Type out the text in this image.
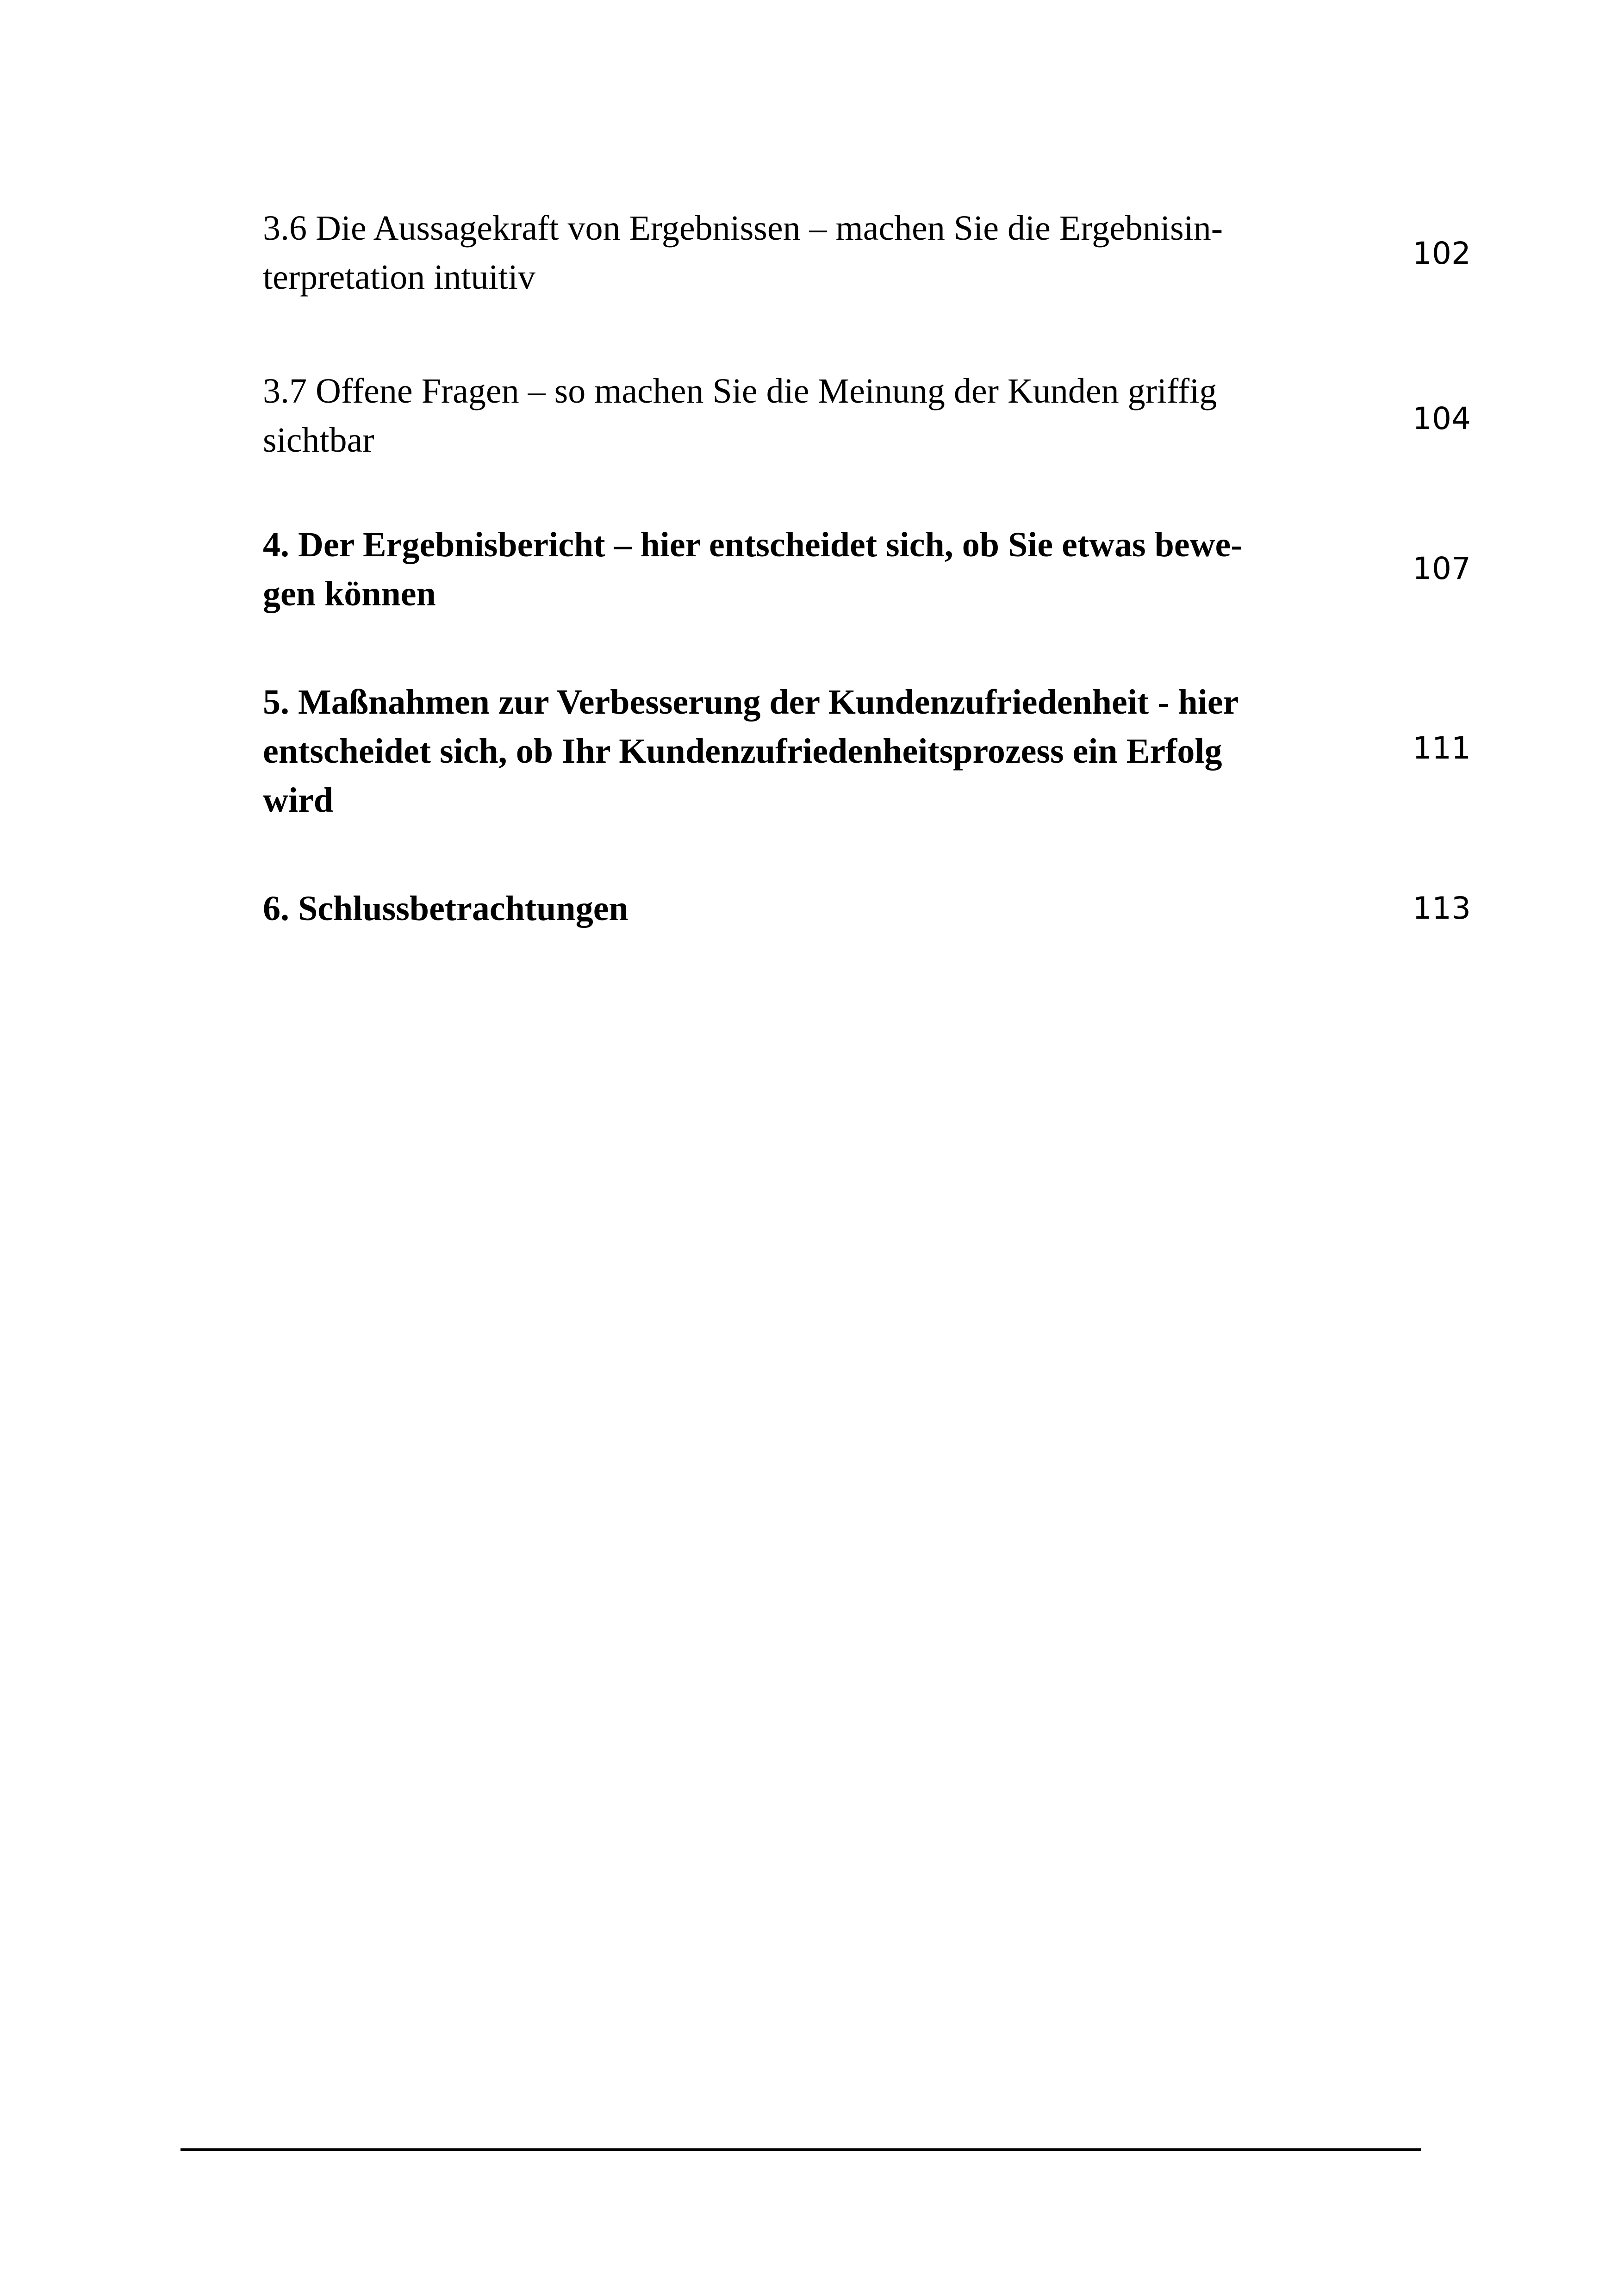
3.6 Die Aussagekraft von Ergebnissen – machen Sie die Ergebnisin-
terpretation intuitiv
102
3.7 Offene Fragen – so machen Sie die Meinung der Kunden griffig
sichtbar
104
4. Der Ergebnisbericht – hier entscheidet sich, ob Sie etwas bewe-
gen können
107
5. Maßnahmen zur Verbesserung der Kundenzufriedenheit - hier
entscheidet sich, ob Ihr Kundenzufriedenheitsprozess ein Erfolg
wird
111
6. Schlussbetrachtungen	113
